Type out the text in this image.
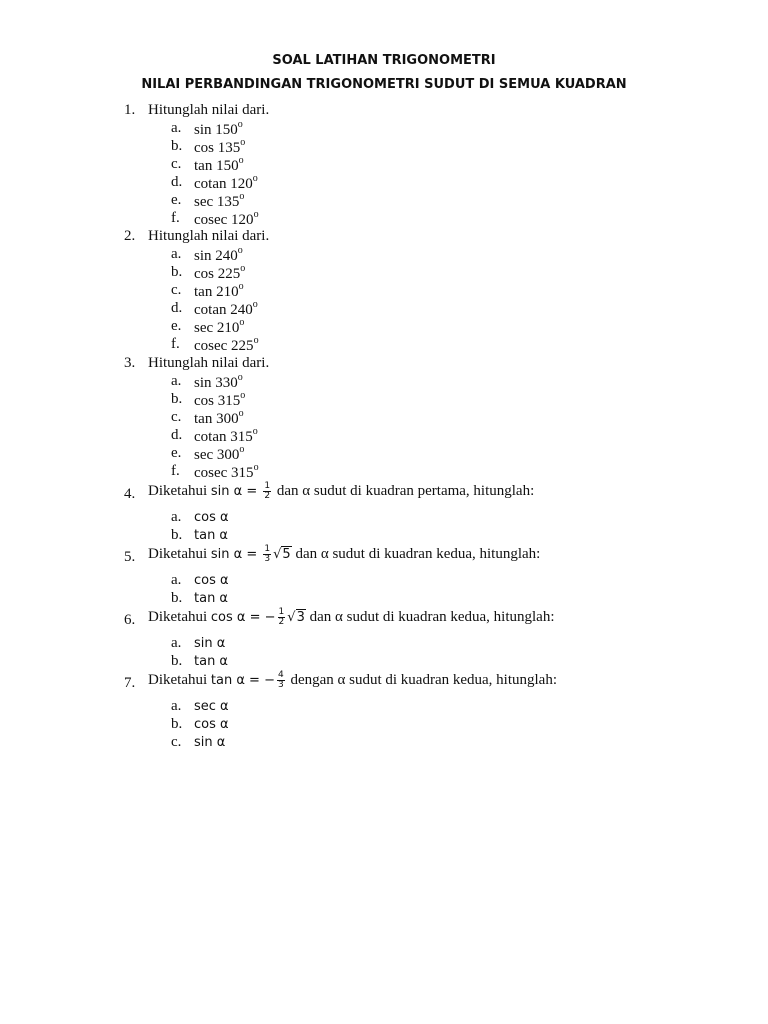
SOAL LATIHAN TRIGONOMETRI
NILAI PERBANDINGAN TRIGONOMETRI SUDUT DI SEMUA KUADRAN
1. Hitunglah nilai dari.
a. sin 150$^o$
b. cos 135$^o$
c. tan 150$^o$
d. cotan 120$^o$
e. sec 135$^o$
f. cosec 120$^o$
2. Hitunglah nilai dari.
a. sin 240$^o$
b. cos 225$^o$
c. tan 210$^o$
d. cotan 240$^o$
e. sec 210$^o$
f. cosec 225$^o$
3. Hitunglah nilai dari.
a. sin 330$^o$
b. cos 315$^o$
c. tan 300$^o$
d. cotan 315$^o$
e. sec 300$^o$
f. cosec 315$^o$
4. Diketahui $\sin \alpha = \frac{1}{2}$ dan α sudut di kuadran pertama, hitunglah:
a. cos α
b. tan α
5. Diketahui $\sin \alpha = \frac{1}{3} √5$ dan α sudut di kuadran kedua, hitunglah:
a. cos α
b. tan α
6. Diketahui cos α = − $\frac{1}{2} √3$ dan α sudut di kuadran kedua, hitunglah:
a. sin α
b. tan α
7. Diketahui tan α = − $\frac{4}{3}$ dengan α sudut di kuadran kedua, hitunglah:
a. sec α
b. cos α
c. sin α
